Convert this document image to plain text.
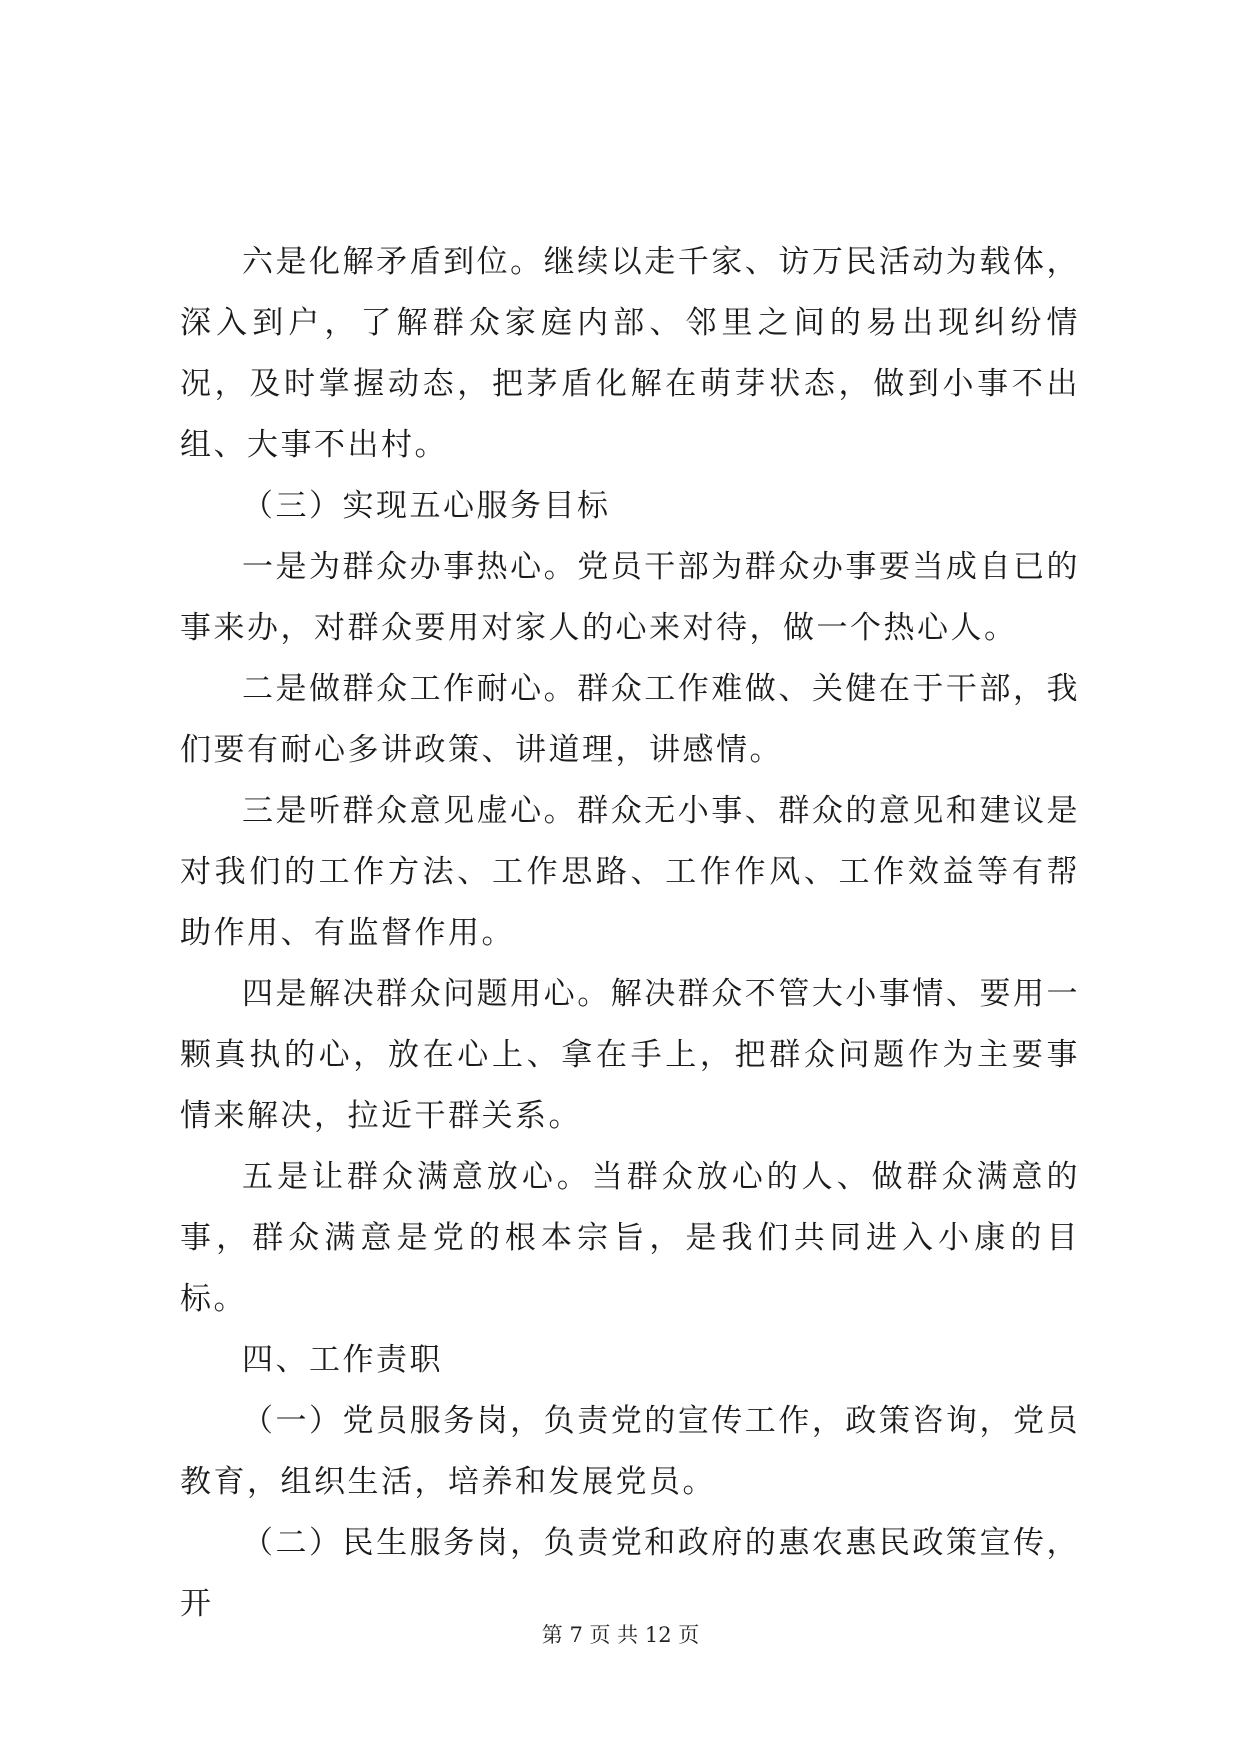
六是化解矛盾到位。继续以走千家、访万民活动为载体，深入到户，了解群众家庭内部、邻里之间的易出现纠纷情况，及时掌握动态，把茅盾化解在萌芽状态，做到小事不出组、大事不出村。

（三）实现五心服务目标

一是为群众办事热心。党员干部为群众办事要当成自已的事来办，对群众要用对家人的心来对待，做一个热心人。

二是做群众工作耐心。群众工作难做、关健在于干部，我们要有耐心多讲政策、讲道理，讲感情。

三是听群众意见虚心。群众无小事、群众的意见和建议是对我们的工作方法、工作思路、工作作风、工作效益等有帮助作用、有监督作用。

四是解决群众问题用心。解决群众不管大小事情、要用一颗真执的心，放在心上、拿在手上，把群众问题作为主要事情来解决，拉近干群关系。

五是让群众满意放心。当群众放心的人、做群众满意的事，群众满意是党的根本宗旨，是我们共同进入小康的目标。

四、工作责职

（一）党员服务岗，负责党的宣传工作，政策咨询，党员教育，组织生活，培养和发展党员。

（二）民生服务岗，负责党和政府的惠农惠民政策宣传，开

第 7 页 共 12 页
